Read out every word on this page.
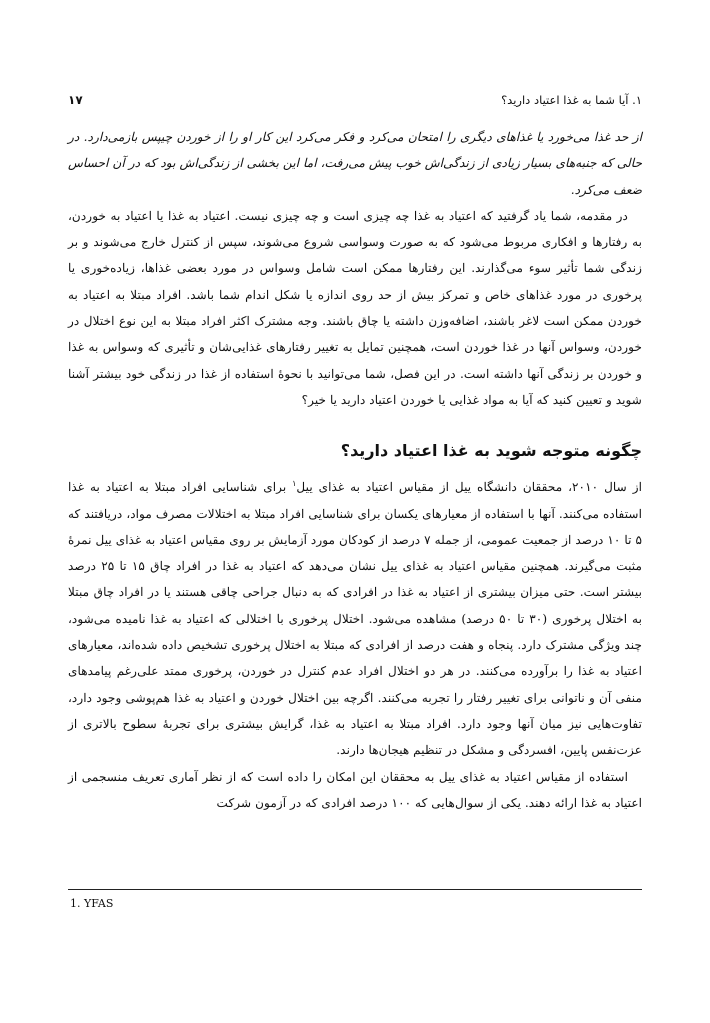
۱. آیا شما به غذا اعتیاد دارید؟
۱۷

از حد غذا می‌خورد یا غذاهای دیگری را امتحان می‌کرد و فکر می‌کرد این کار او را از خوردن چیپس بازمی‌دارد. در حالی که جنبه‌های بسیار زیادی از زندگی‌اش خوب پیش می‌رفت، اما این بخشی از زندگی‌اش بود که در آن احساس ضعف می‌کرد.

در مقدمه، شما یاد گرفتید که اعتیاد به غذا چه چیزی است و چه چیزی نیست. اعتیاد به غذا یا اعتیاد به خوردن، به رفتارها و افکاری مربوط می‌شود که به صورت وسواسی شروع می‌شوند، سپس از کنترل خارج می‌شوند و بر زندگی شما تأثیر سوء می‌گذارند. این رفتارها ممکن است شامل وسواس در مورد بعضی غذاها، زیاده‌خوری یا پرخوری در مورد غذاهای خاص و تمرکز بیش از حد روی اندازه یا شکل اندام شما باشد. افراد مبتلا به اعتیاد به خوردن ممکن است لاغر باشند، اضافه‌وزن داشته یا چاق باشند. وجه مشترک اکثر افراد مبتلا به این نوع اختلال در خوردن، وسواس آنها در غذا خوردن است، همچنین تمایل به تغییر رفتارهای غذایی‌شان و تأثیری که وسواس به غذا و خوردن بر زندگی آنها داشته است. در این فصل، شما می‌توانید با نحوهٔ استفاده از غذا در زندگی خود بیشتر آشنا شوید و تعیین کنید که آیا به مواد غذایی یا خوردن اعتیاد دارید یا خیر؟

چگونه متوجه شوید به غذا اعتیاد دارید؟

از سال ۲۰۱۰، محققان دانشگاه ییل از مقیاس اعتیاد به غذای ییل$^۱$ برای شناسایی افراد مبتلا به اعتیاد به غذا استفاده می‌کنند. آنها با استفاده از معیارهای یکسان برای شناسایی افراد مبتلا به اختلالات مصرف مواد، دریافتند که ۵ تا ۱۰ درصد از جمعیت عمومی، از جمله ۷ درصد از کودکان مورد آزمایش بر روی مقیاس اعتیاد به غذای ییل نمرهٔ مثبت می‌گیرند. همچنین مقیاس اعتیاد به غذای ییل نشان می‌دهد که اعتیاد به غذا در افراد چاق ۱۵ تا ۲۵ درصد بیشتر است. حتی میزان بیشتری از اعتیاد به غذا در افرادی که به دنبال جراحی چاقی هستند یا در افراد چاق مبتلا به اختلال پرخوری (۳۰ تا ۵۰ درصد) مشاهده می‌شود. اختلال پرخوری با اختلالی که اعتیاد به غذا نامیده می‌شود، چند ویژگی مشترک دارد. پنجاه و هفت درصد از افرادی که مبتلا به اختلال پرخوری تشخیص داده شده‌اند، معیارهای اعتیاد به غذا را برآورده می‌کنند. در هر دو اختلال افراد عدم کنترل در خوردن، پرخوری ممتد علی‌رغم پیامدهای منفی آن و ناتوانی برای تغییر رفتار را تجربه می‌کنند. اگرچه بین اختلال خوردن و اعتیاد به غذا هم‌پوشی وجود دارد، تفاوت‌هایی نیز میان آنها وجود دارد. افراد مبتلا به اعتیاد به غذا، گرایش بیشتری برای تجربهٔ سطوح بالاتری از عزت‌نفس پایین، افسردگی و مشکل در تنظیم هیجان‌ها دارند.

استفاده از مقیاس اعتیاد به غذای ییل به محققان این امکان را داده است که از نظر آماری تعریف منسجمی از اعتیاد به غذا ارائه دهند. یکی از سوال‌هایی که ۱۰۰ درصد افرادی که در آزمون شرکت

1. YFAS
